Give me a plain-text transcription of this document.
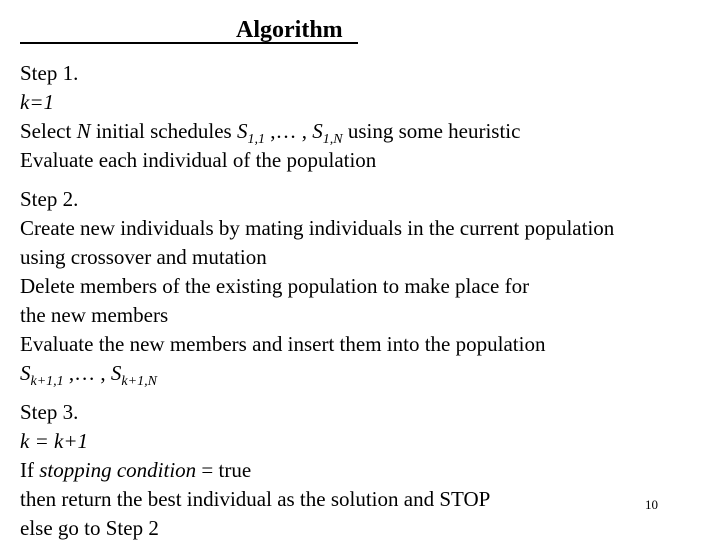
Algorithm
Step 1.
k=1
Select N initial schedules $S_{1,1}$ ,… , $S_{1,N}$ using some heuristic
Evaluate each individual of the population
Step 2.
Create new individuals by mating individuals in the current population
using crossover and mutation
Delete members of the existing population to make place for
the new members
Evaluate the new members and insert them into the population
$S_{k+1,1}$ ,… , $S_{k+1,N}$
Step 3.
k = k+1
If stopping condition = true
then return the best individual as the solution and STOP
else go to Step 2
10
